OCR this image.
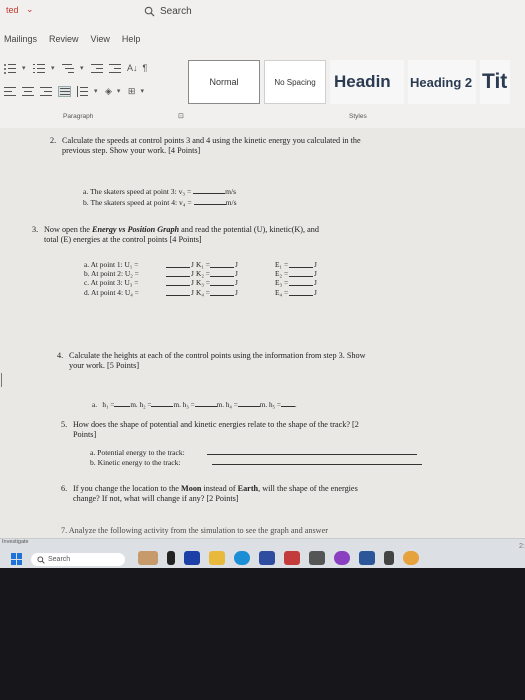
ted ⌄	Search
Mailings Review View Help
▾	▾	▾	A↓ ¶
▾ ◈ ▾ ⊞ ▾
Normal	No Spacing	Headin	Heading 2 Tit
Paragraph	⊡	Styles
2. Calculate the speeds at control points 3 and 4 using the kinetic energy you calculated in the
previous step. Show your work. [4 Points]
a. The skaters speed at point 3: v₃ =	m/s
b. The skaters speed at point 4: v₄ =	m/s
3. Now open the Energy vs Position Graph and read the potential (U), kinetic(K), and
total (E) energies at the control points [4 Points]
a. At point 1: U₁ =	J K₁ =	J	E₁ =	J
b. At point 2: U₂ =	J K₂ =	J	E₂ =	J
c. At point 3: U₃ =	J K₃ =	J	E₃ =	J
d. At point 4: U₄ =	J K₄ =	J	E₄ =	J
4. Calculate the heights at each of the control points using the information from step 3. Show
your work. [5 Points]
a. h₁ = m. h₂ =	m. h₃ =	m. h₄ =	m. h₅ = .
5. How does the shape of potential and kinetic energies relate to the shape of the track? [2
Points]
a. Potential energy to the track:
b. Kinetic energy to the track:
6. If you change the location to the Moon instead of Earth, will the shape of the energies
change? If not, what will change if any? [2 Points]
7. Analyze the following activity from the simulation to see the graph and answer
Investigate
Search
2:
